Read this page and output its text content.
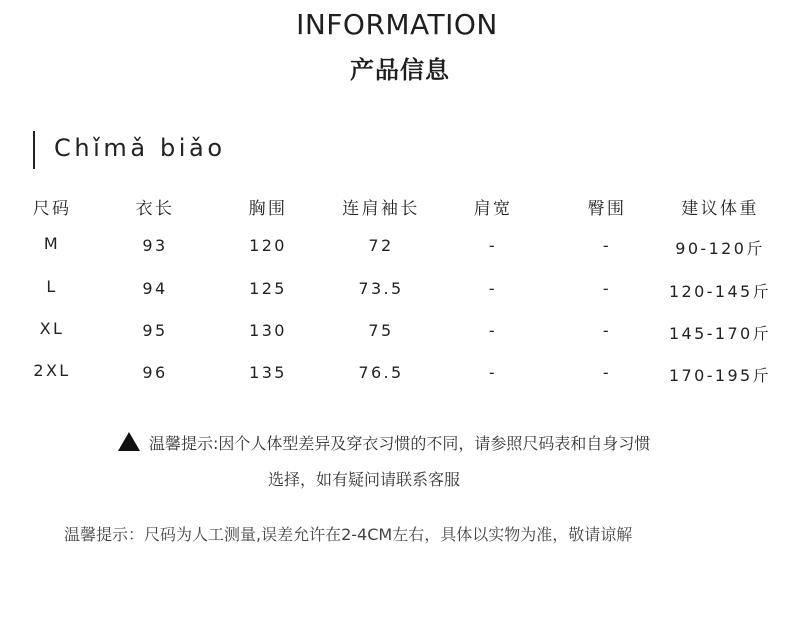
INFORMATION
产品信息
Chǐmǎ biǎo
尺码	衣长	胸围	连肩袖长	肩宽	臀围	建议体重
M	93	120	72	-	-	90-120斤
L	94	125	73.5	-	-	120-145斤
XL	95	130	75	-	-	145-170斤
2XL	96	135	76.5	-	-	170-195斤
温馨提示:因个人体型差异及穿衣习惯的不同，请参照尺码表和自身习惯
选择，如有疑问请联系客服
温馨提示：尺码为人工测量,误差允许在2-4CM左右，具体以实物为准，敬请谅解
